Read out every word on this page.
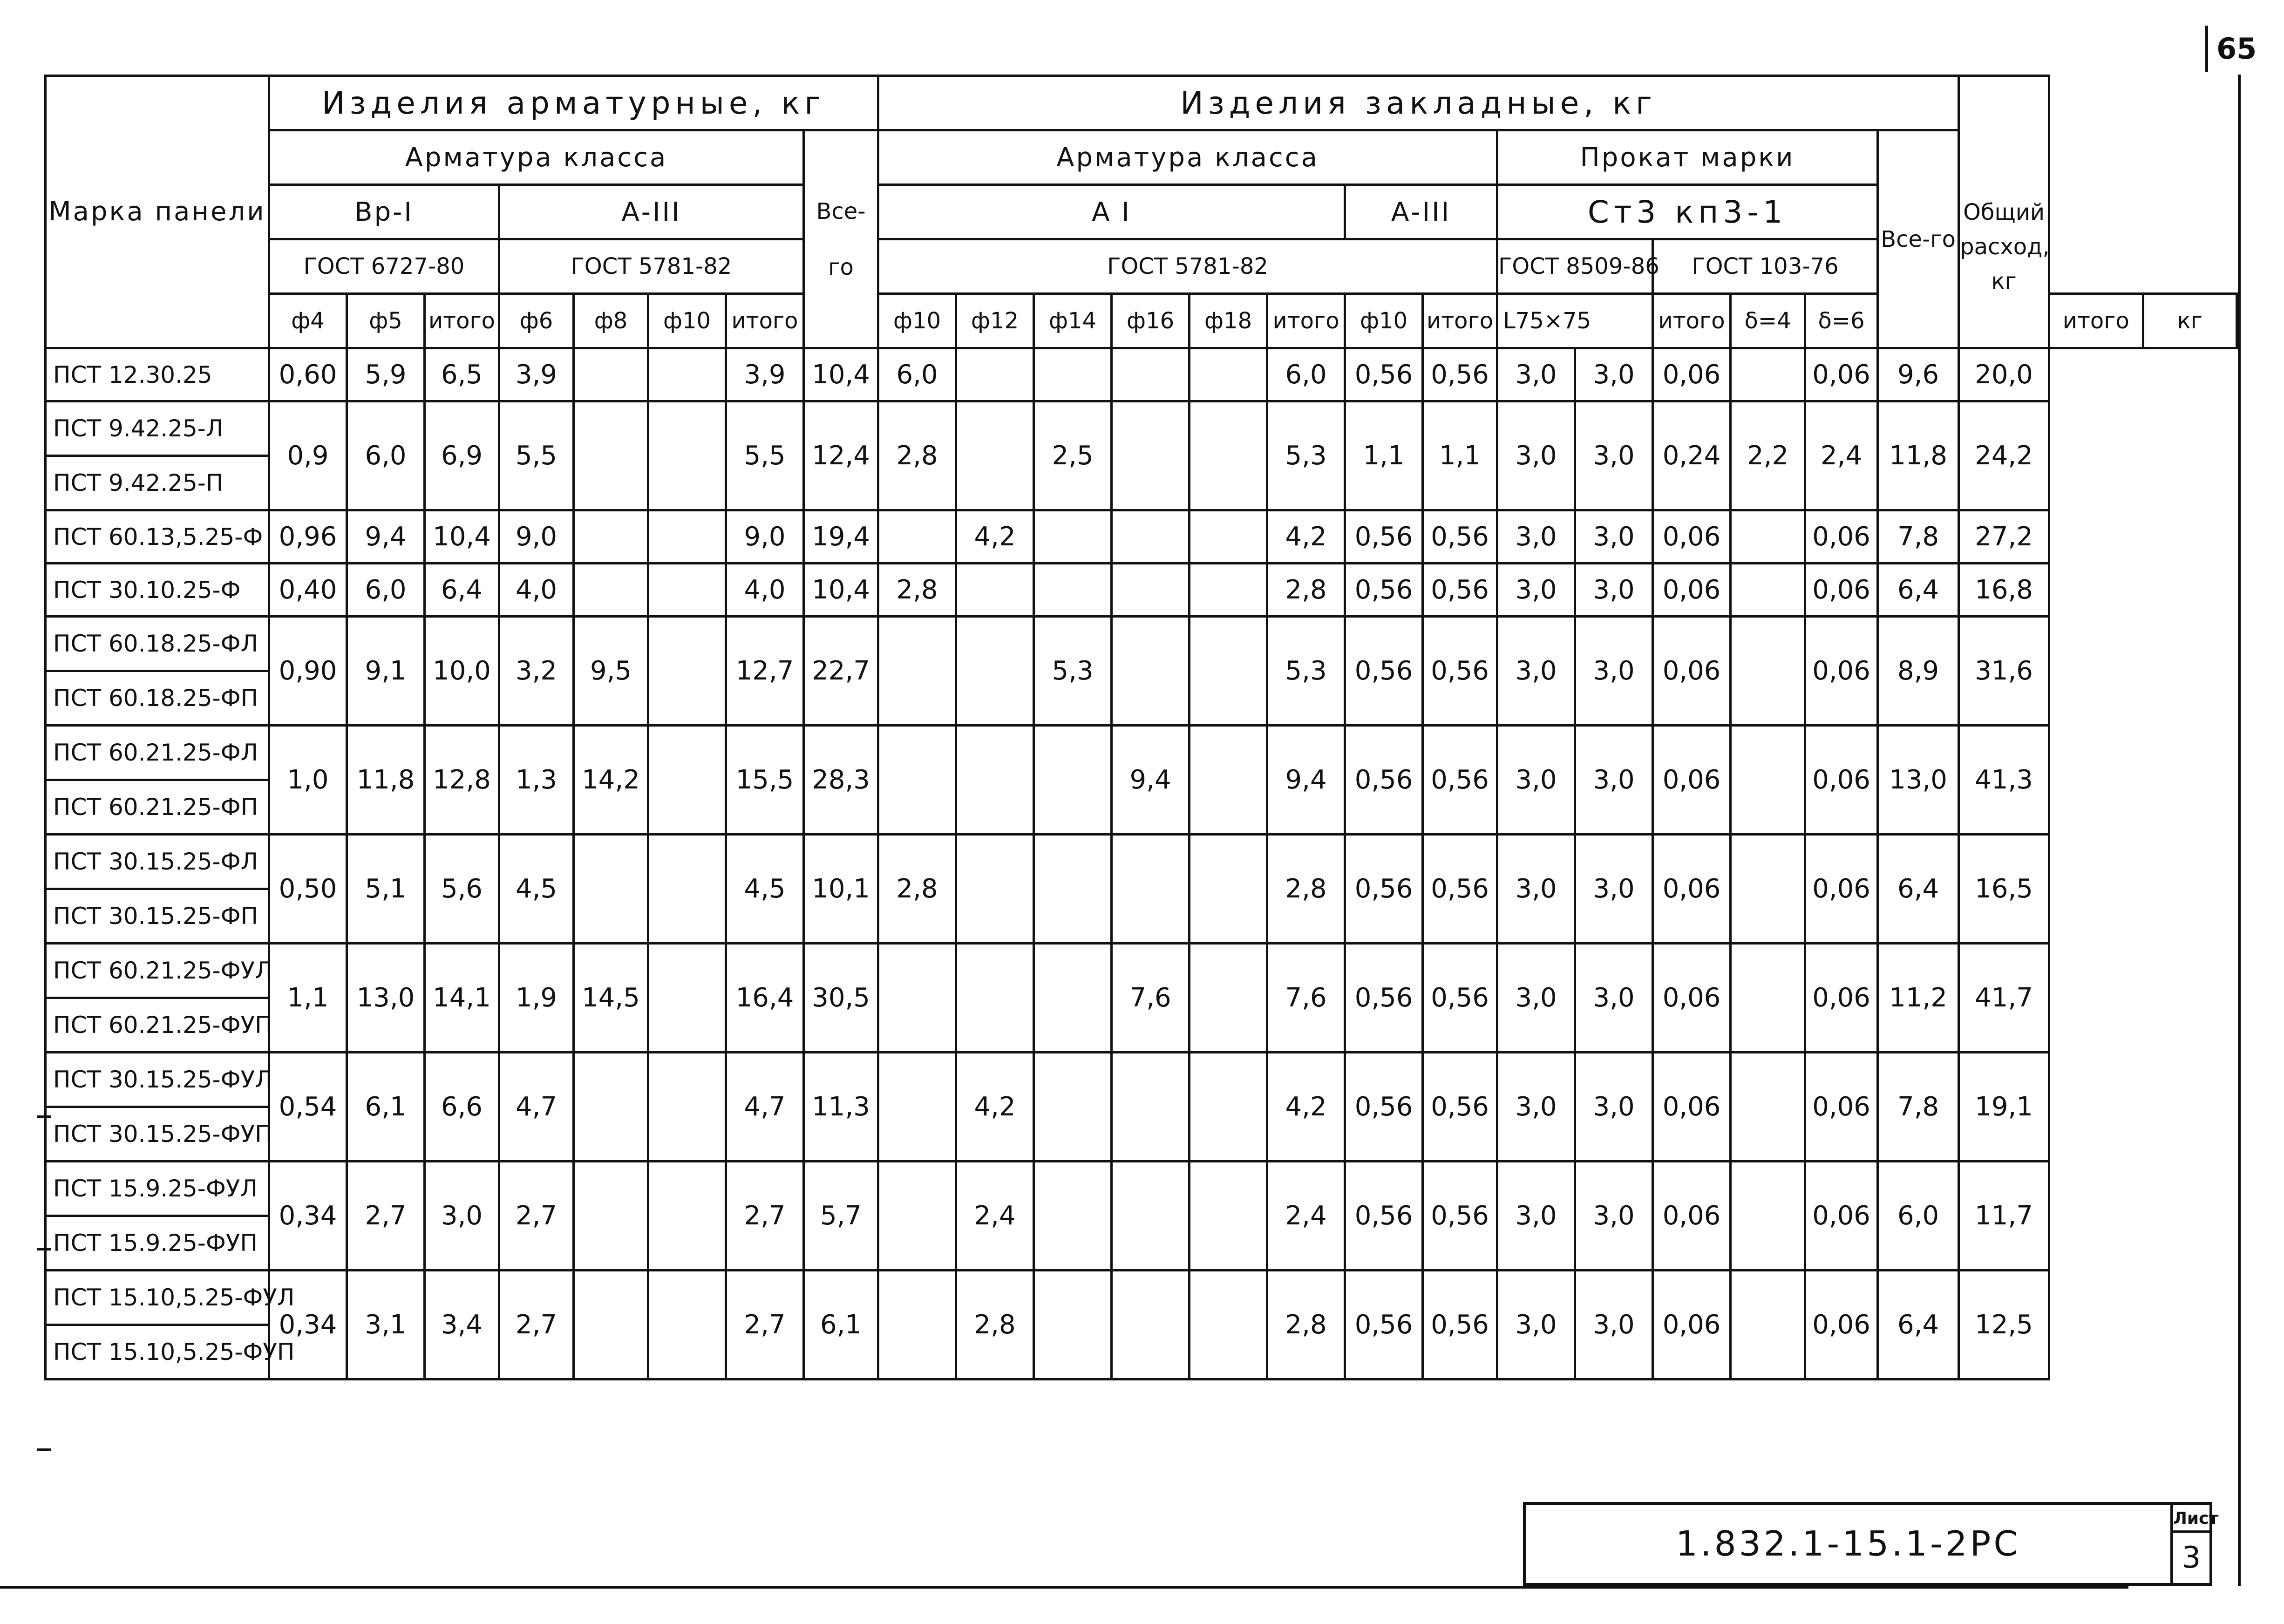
65
Марка панели	Изделия арматурные, кг								Изделия закладные, кг														Общий расход, кг		
	Арматура класса							Все-го	Арматура класса								Прокат марки					Все-го			
	Вр-I			А-III					А I						А-III		Ст3 кп3-1								
	ГОСТ 6727-80			ГОСТ 5781-82					ГОСТ 5781-82								ГОСТ 8509-86		ГОСТ 103-76						
	ф4	ф5	итого	ф6	ф8	ф10	итого		ф10	ф12	ф14	ф16	ф18	итого	ф10	итого	L75×75		итого	δ=4	δ=6			итого	кг
ПСТ 12.30.25	0,60	5,9	6,5	3,9			3,9	10,4	6,0					6,0	0,56	0,56	3,0	3,0	0,06		0,06	9,6	20,0		
ПСТ 9.42.25-Л	0,9	6,0	6,9	5,5			5,5	12,4	2,8		2,5			5,3	1,1	1,1	3,0	3,0	0,24	2,2	2,4	11,8	24,2		
ПСТ 9.42.25-П																									
ПСТ 60.13,5.25-Ф	0,96	9,4	10,4	9,0			9,0	19,4		4,2				4,2	0,56	0,56	3,0	3,0	0,06		0,06	7,8	27,2		
ПСТ 30.10.25-Ф	0,40	6,0	6,4	4,0			4,0	10,4	2,8					2,8	0,56	0,56	3,0	3,0	0,06		0,06	6,4	16,8		
ПСТ 60.18.25-ФЛ	0,90	9,1	10,0	3,2	9,5		12,7	22,7			5,3			5,3	0,56	0,56	3,0	3,0	0,06		0,06	8,9	31,6		
ПСТ 60.18.25-ФП																									
ПСТ 60.21.25-ФЛ	1,0	11,8	12,8	1,3	14,2		15,5	28,3				9,4		9,4	0,56	0,56	3,0	3,0	0,06		0,06	13,0	41,3		
ПСТ 60.21.25-ФП																									
ПСТ 30.15.25-ФЛ	0,50	5,1	5,6	4,5			4,5	10,1	2,8					2,8	0,56	0,56	3,0	3,0	0,06		0,06	6,4	16,5		
ПСТ 30.15.25-ФП																									
ПСТ 60.21.25-ФУЛ	1,1	13,0	14,1	1,9	14,5		16,4	30,5				7,6		7,6	0,56	0,56	3,0	3,0	0,06		0,06	11,2	41,7		
ПСТ 60.21.25-ФУП																									
ПСТ 30.15.25-ФУЛ	0,54	6,1	6,6	4,7			4,7	11,3		4,2				4,2	0,56	0,56	3,0	3,0	0,06		0,06	7,8	19,1		
ПСТ 30.15.25-ФУП																									
ПСТ 15.9.25-ФУЛ	0,34	2,7	3,0	2,7			2,7	5,7		2,4				2,4	0,56	0,56	3,0	3,0	0,06		0,06	6,0	11,7		
ПСТ 15.9.25-ФУП																									
ПСТ 15.10,5.25-ФУЛ	0,34	3,1	3,4	2,7			2,7	6,1		2,8				2,8	0,56	0,56	3,0	3,0	0,06		0,06	6,4	12,5		
ПСТ 15.10,5.25-ФУП																									
1.832.1-15.1-2РС
Лист
3
